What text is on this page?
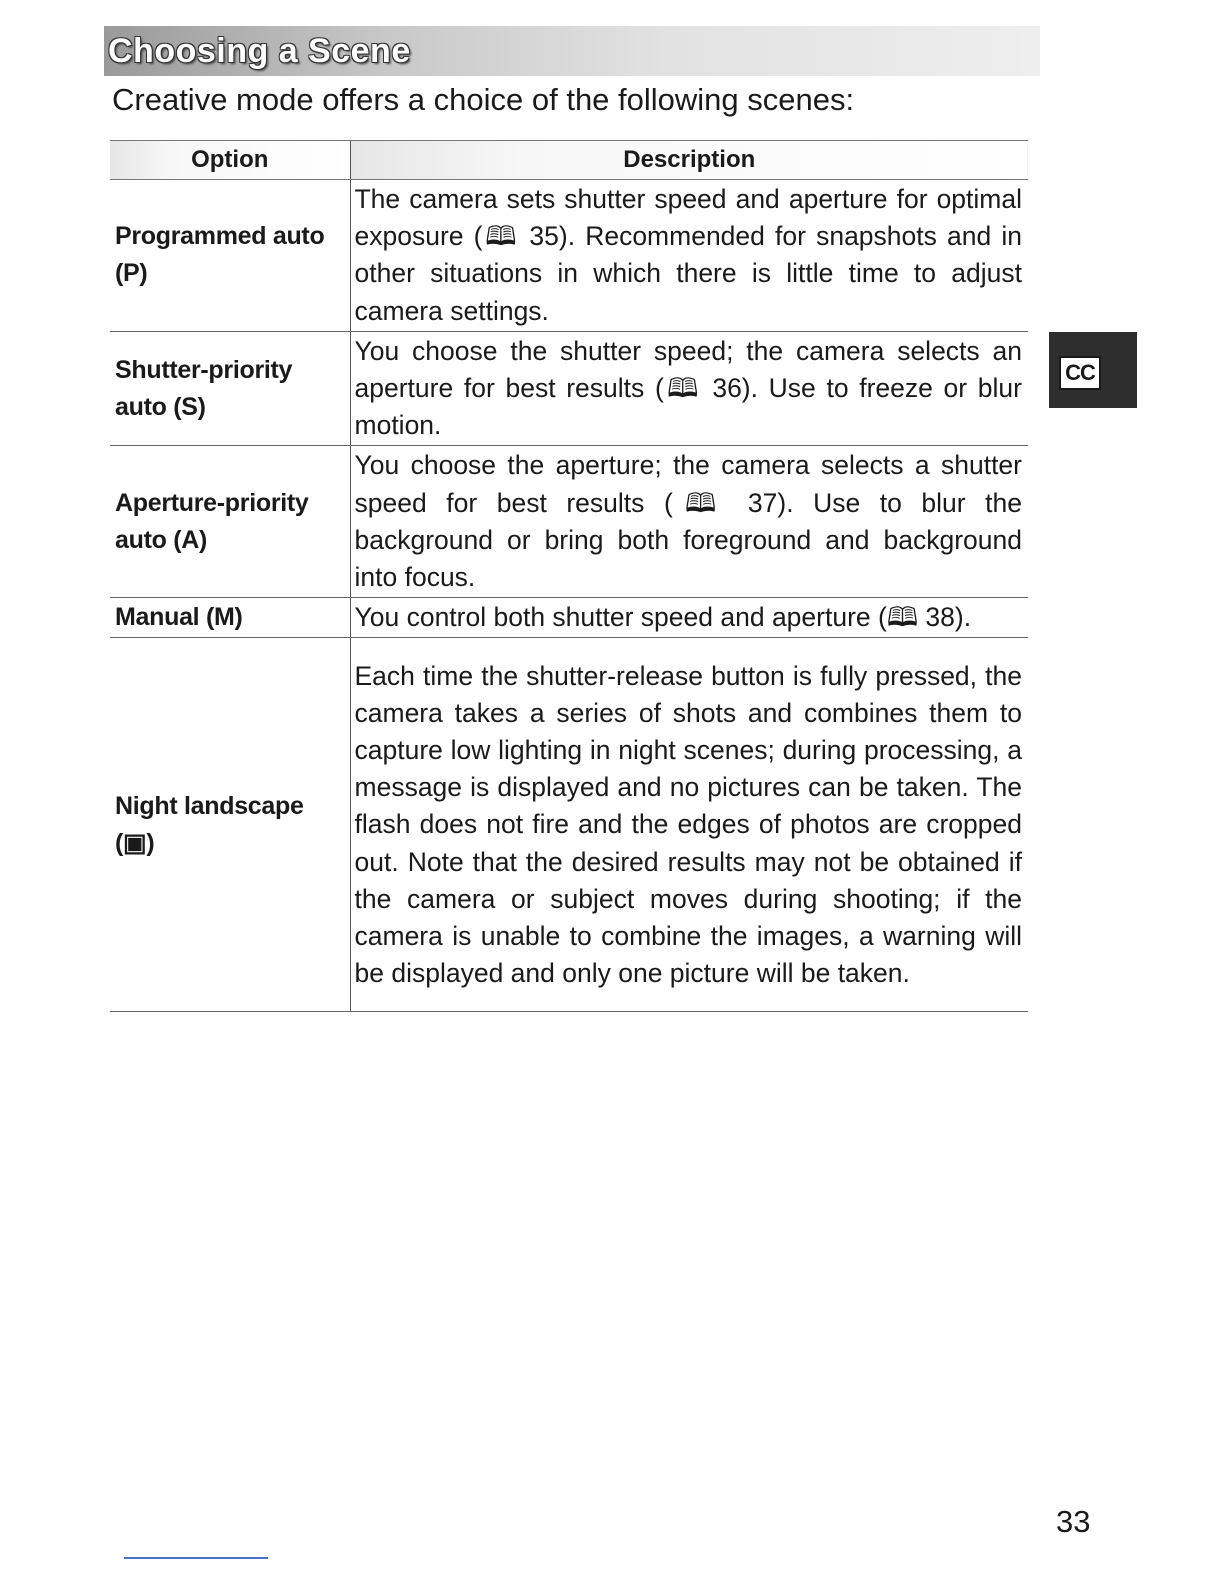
Choosing a Scene
Creative mode offers a choice of the following scenes:
Option	Description
Programmed auto (P)	The camera sets shutter speed and aperture for optimal exposure (🕮 35). Recommended for snapshots and in other situations in which there is little time to adjust camera settings.
Shutter-priority auto (S)	You choose the shutter speed; the camera selects an aperture for best results (🕮 36). Use to freeze or blur motion.
Aperture-priority auto (A)	You choose the aperture; the camera selects a shutter speed for best results (🕮 37). Use to blur the background or bring both foreground and background into focus.
Manual (M)	You control both shutter speed and aperture (🕮 38).
Night landscape (▣)	Each time the shutter-release button is fully pressed, the camera takes a series of shots and combines them to capture low lighting in night scenes; during processing, a message is displayed and no pictures can be taken. The flash does not fire and the edges of photos are cropped out. Note that the desired results may not be obtained if the camera or subject moves during shooting; if the camera is unable to combine the images, a warning will be displayed and only one picture will be taken.
CC
33
